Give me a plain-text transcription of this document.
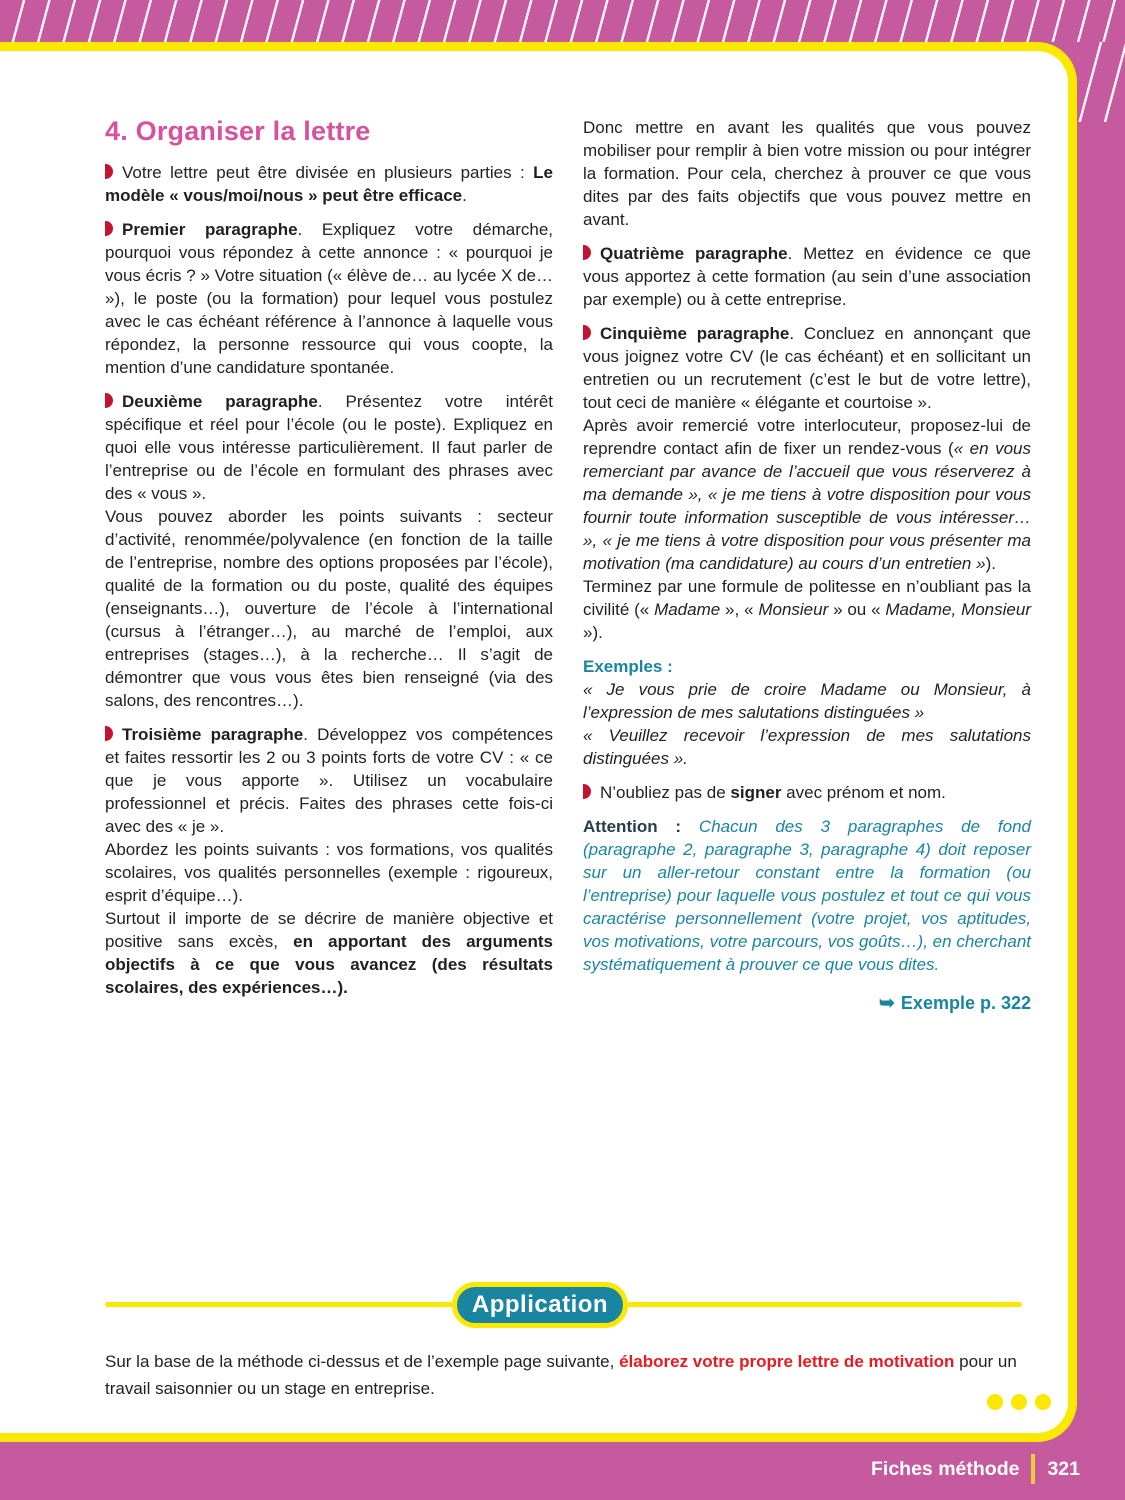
4. Organiser la lettre

Votre lettre peut être divisée en plusieurs parties : Le modèle « vous/moi/nous » peut être efficace.

Premier paragraphe. Expliquez votre démarche, pourquoi vous répondez à cette annonce : « pourquoi je vous écris ? » Votre situation (« élève de… au lycée X de… »), le poste (ou la formation) pour lequel vous postulez avec le cas échéant référence à l’annonce à laquelle vous répondez, la personne ressource qui vous coopte, la mention d’une candidature spontanée.

Deuxième paragraphe. Présentez votre intérêt spécifique et réel pour l’école (ou le poste). Expliquez en quoi elle vous intéresse particulièrement. Il faut parler de l’entreprise ou de l’école en formulant des phrases avec des « vous ».

Vous pouvez aborder les points suivants : secteur d’activité, renommée/polyvalence (en fonction de la taille de l’entreprise, nombre des options proposées par l’école), qualité de la formation ou du poste, qualité des équipes (enseignants…), ouverture de l’école à l’international (cursus à l’étranger…), au marché de l’emploi, aux entreprises (stages…), à la recherche… Il s’agit de démontrer que vous vous êtes bien renseigné (via des salons, des rencontres…).

Troisième paragraphe. Développez vos compétences et faites ressortir les 2 ou 3 points forts de votre CV : « ce que je vous apporte ». Utilisez un vocabulaire professionnel et précis. Faites des phrases cette fois-ci avec des « je ».

Abordez les points suivants : vos formations, vos qualités scolaires, vos qualités personnelles (exemple : rigoureux, esprit d’équipe…).

Surtout il importe de se décrire de manière objective et positive sans excès, en apportant des arguments objectifs à ce que vous avancez (des résultats scolaires, des expériences…).

Donc mettre en avant les qualités que vous pouvez mobiliser pour remplir à bien votre mission ou pour intégrer la formation. Pour cela, cherchez à prouver ce que vous dites par des faits objectifs que vous pouvez mettre en avant.

Quatrième paragraphe. Mettez en évidence ce que vous apportez à cette formation (au sein d’une association par exemple) ou à cette entreprise.

Cinquième paragraphe. Concluez en annonçant que vous joignez votre CV (le cas échéant) et en sollicitant un entretien ou un recrutement (c’est le but de votre lettre), tout ceci de manière « élégante et courtoise ».

Après avoir remercié votre interlocuteur, proposez-lui de reprendre contact afin de fixer un rendez-vous (« en vous remerciant par avance de l’accueil que vous réserverez à ma demande », « je me tiens à votre disposition pour vous fournir toute information susceptible de vous intéresser… », « je me tiens à votre disposition pour vous présenter ma motivation (ma candidature) au cours d’un entretien »).

Terminez par une formule de politesse en n’oubliant pas la civilité (« Madame », « Monsieur » ou « Madame, Monsieur »).

Exemples :

« Je vous prie de croire Madame ou Monsieur, à l’expression de mes salutations distinguées »

« Veuillez recevoir l’expression de mes salutations distinguées ».

N’oubliez pas de signer avec prénom et nom.

Attention : Chacun des 3 paragraphes de fond (paragraphe 2, paragraphe 3, paragraphe 4) doit reposer sur un aller-retour constant entre la formation (ou l’entreprise) pour laquelle vous postulez et tout ce qui vous caractérise personnellement (votre projet, vos aptitudes, vos motivations, votre parcours, vos goûts…), en cherchant systématiquement à prouver ce que vous dites.

➥ Exemple p. 322
Application
Sur la base de la méthode ci-dessus et de l’exemple page suivante, élaborez votre propre lettre de motivation pour un travail saisonnier ou un stage en entreprise.
Fiches méthode 321
